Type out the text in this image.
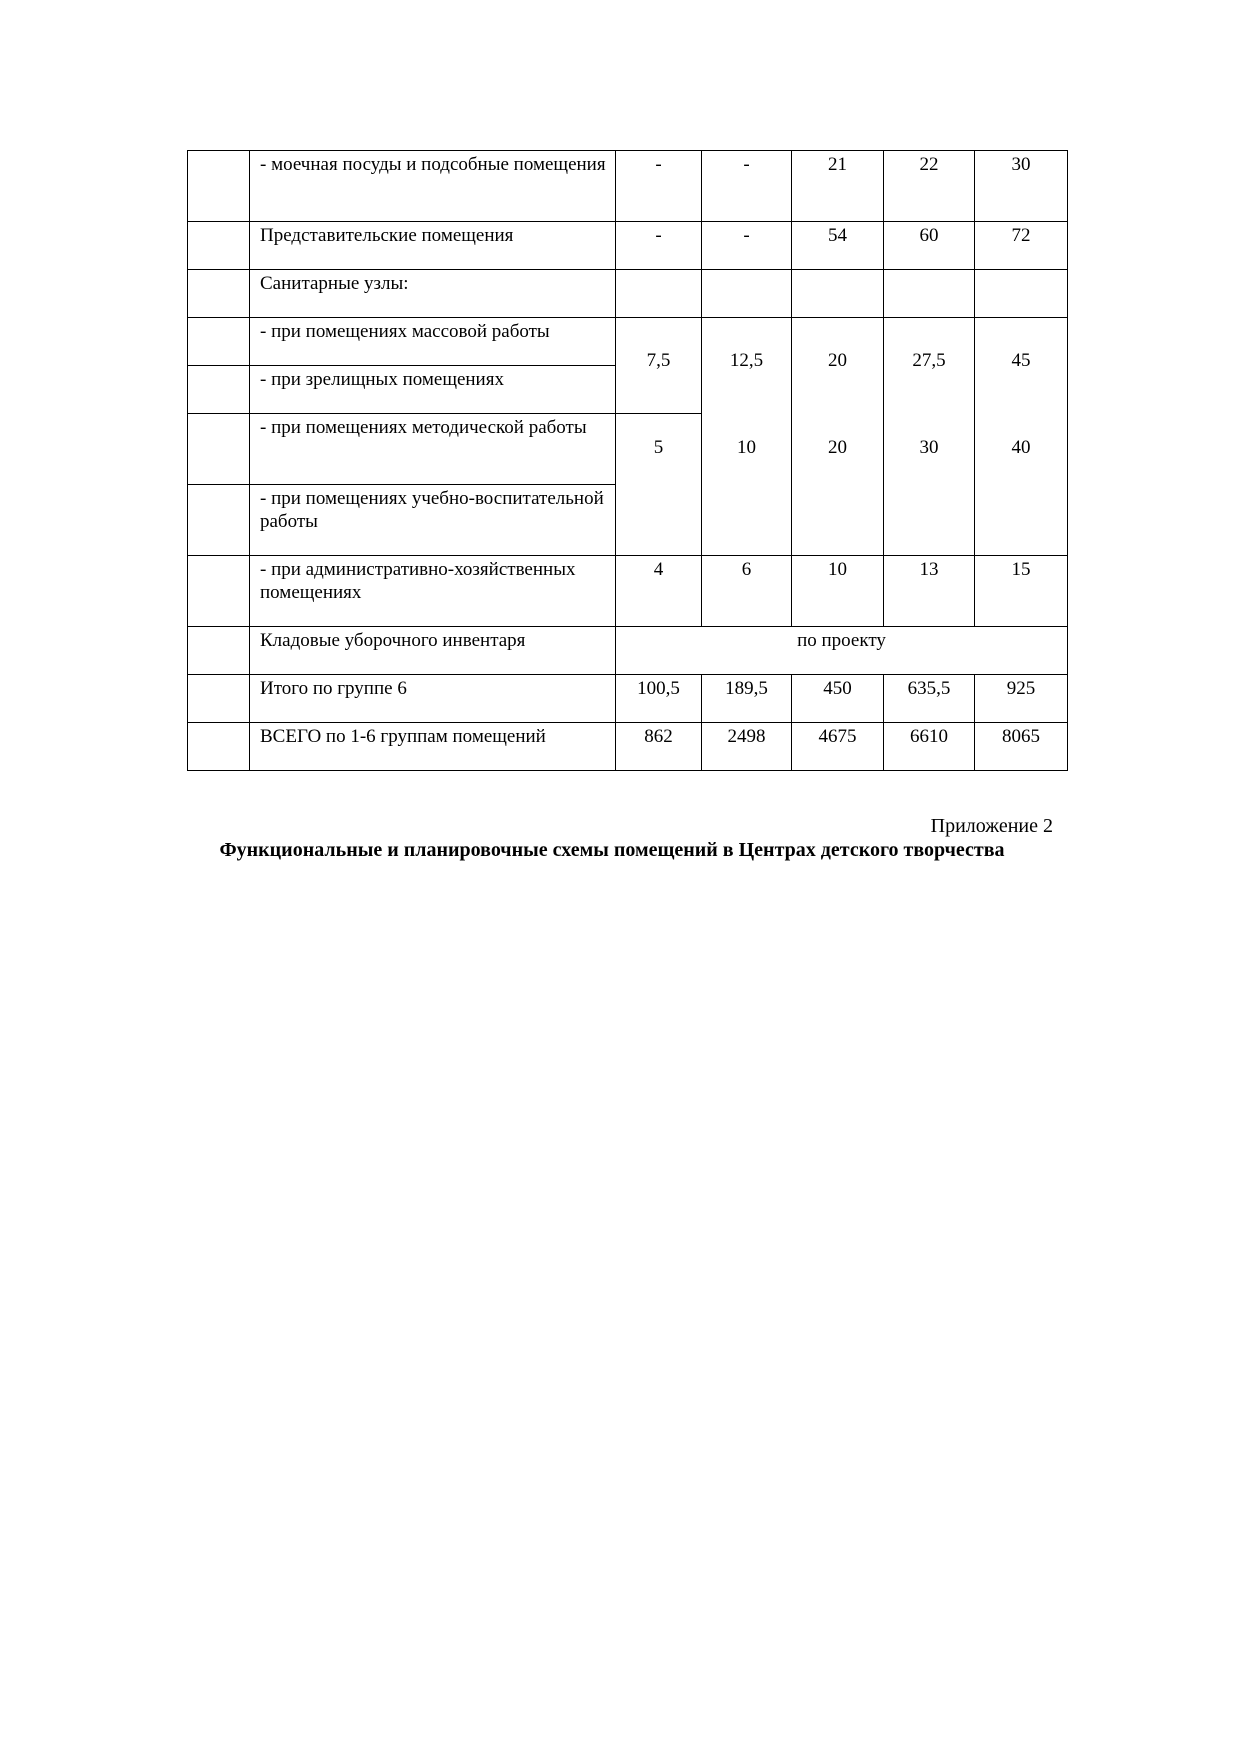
	- моечная посуды и подсобные помещения	-	-	21	22	30
	Представительские помещения	-	-	54	60	72
	Санитарные узлы:					
	- при помещениях массовой работы	7,5	12,5	20	27,5	45
	- при зрелищных помещениях					
	- при помещениях методической работы	5	10	20	30	40
	- при помещениях учебно-воспитательной работы					
	- при административно-хозяйственных помещениях	4	6	10	13	15
	Кладовые уборочного инвентаря	по проекту				
	Итого по группе 6	100,5	189,5	450	635,5	925
	ВСЕГО по 1-6 группам помещений	862	2498	4675	6610	8065
Приложение 2
Функциональные и планировочные схемы помещений в Центрах детского творчества
